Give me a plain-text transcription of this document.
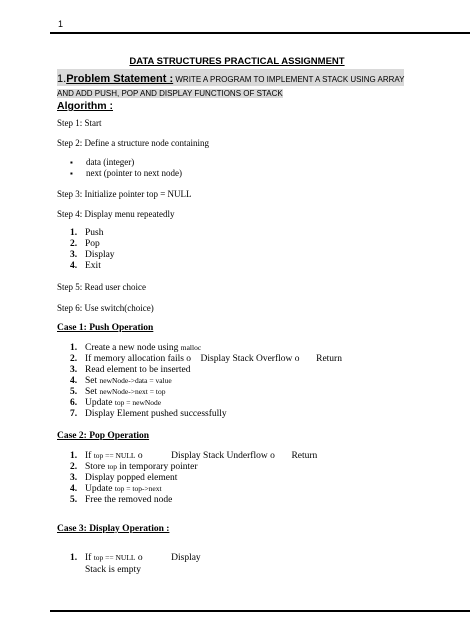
1
DATA STRUCTURES PRACTICAL ASSIGNMENT
1.Problem Statement : WRITE A PROGRAM TO IMPLEMENT A STACK USING ARRAY
AND ADD PUSH, POP AND DISPLAY FUNCTIONS OF STACK
Algorithm :
Step 1: Start
Step 2: Define a structure node containing
▪ data (integer)
▪ next (pointer to next node)
Step 3: Initialize pointer top = NULL
Step 4: Display menu repeatedly
1. Push
2. Pop
3. Display
4. Exit
Step 5: Read user choice
Step 6: Use switch(choice)
Case 1: Push Operation
1. Create a new node using malloc
2. If memory allocation fails o    Display Stack Overflow o       Return
3. Read element to be inserted
4. Set newNode->data = value
5. Set newNode->next = top
6. Update top = newNode
7. Display Element pushed successfully
Case 2: Pop Operation
1. If top == NULL o            Display Stack Underflow o       Return
2. Store top in temporary pointer
3. Display popped element
4. Update top = top->next
5. Free the removed node
Case 3: Display Operation :
1. If top == NULL o            Display
Stack is empty
